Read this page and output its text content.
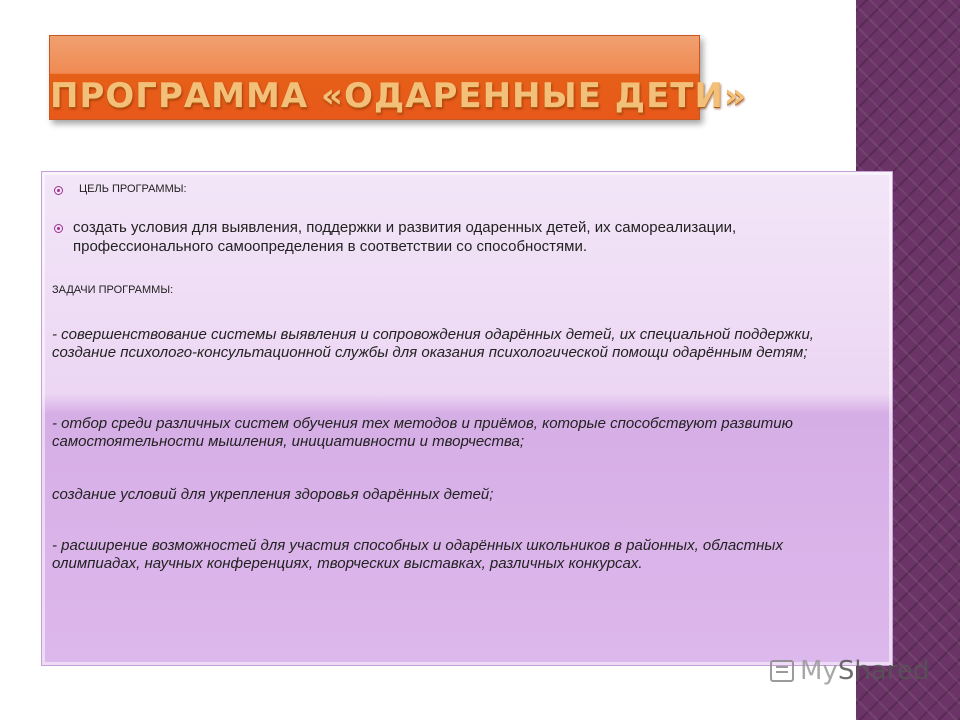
ПРОГРАММА «ОДАРЕННЫЕ ДЕТИ»
ЦЕЛЬ ПРОГРАММЫ:
создать условия для выявления, поддержки и развития одаренных детей, их самореализации, профессионального самоопределения в соответствии со способностями.
ЗАДАЧИ ПРОГРАММЫ:
- совершенствование системы выявления и сопровождения одарённых детей, их специальной поддержки, создание психолого-консультационной службы для оказания психологической помощи одарённым детям;
- отбор среди различных систем обучения тех методов и приёмов, которые способствуют развитию самостоятельности мышления, инициативности и творчества;
создание условий для укрепления здоровья одарённых детей;
- расширение возможностей для участия способных и одарённых школьников в районных, областных олимпиадах, научных конференциях, творческих выставках, различных конкурсах.
MyShared
